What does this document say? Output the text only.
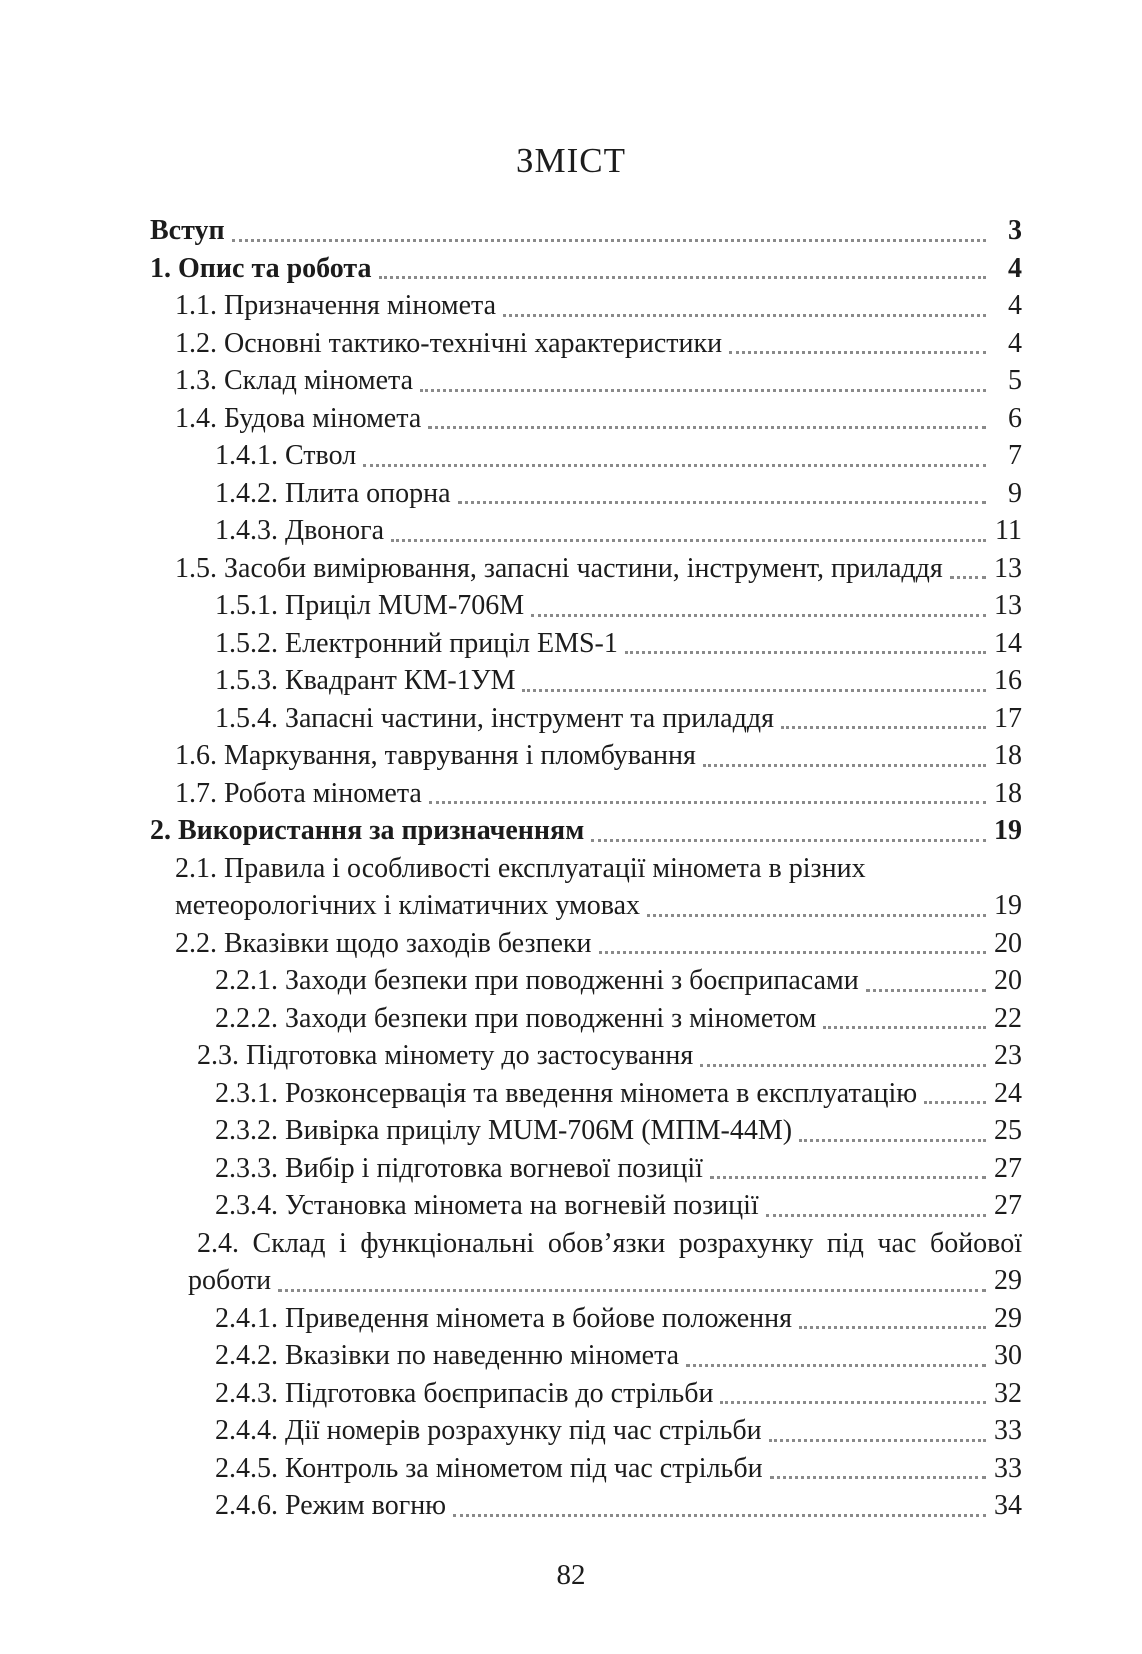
ЗМІСТ
Вступ	3
1. Опис та робота	4
1.1. Призначення міномета	4
1.2. Основні тактико-технічні характеристики	4
1.3. Склад міномета	5
1.4. Будова міномета	6
1.4.1. Ствол	7
1.4.2. Плита опорна	9
1.4.3. Двонога	11
1.5. Засоби вимірювання, запасні частини, інструмент, приладдя 13
1.5.1. Приціл MUM-706M	13
1.5.2. Електронний приціл EMS-1	14
1.5.3. Квадрант КМ-1УМ	16
1.5.4. Запасні частини, інструмент та приладдя	17
1.6. Маркування, таврування і пломбування	18
1.7. Робота міномета	18
2. Використання за призначенням	19
2.1. Правила і особливості експлуатації міномета в різних
метеорологічних і кліматичних умовах	19
2.2. Вказівки щодо заходів безпеки	20
2.2.1. Заходи безпеки при поводженні з боєприпасами	20
2.2.2. Заходи безпеки при поводженні з мінометом	22
2.3. Підготовка міномету до застосування	23
2.3.1. Розконсервація та введення міномета в експлуатацію	24
2.3.2. Вивірка прицілу MUM-706M (МПМ-44М)	25
2.3.3. Вибір і підготовка вогневої позиції	27
2.3.4. Установка міномета на вогневій позиції	27
2.4. Склад і функціональні обов’язки розрахунку під час бойової
роботи	29
2.4.1. Приведення міномета в бойове положення	29
2.4.2. Вказівки по наведенню міномета	30
2.4.3. Підготовка боєприпасів до стрільби	32
2.4.4. Дії номерів розрахунку під час стрільби	33
2.4.5. Контроль за мінометом під час стрільби	33
2.4.6. Режим вогню	34
82
